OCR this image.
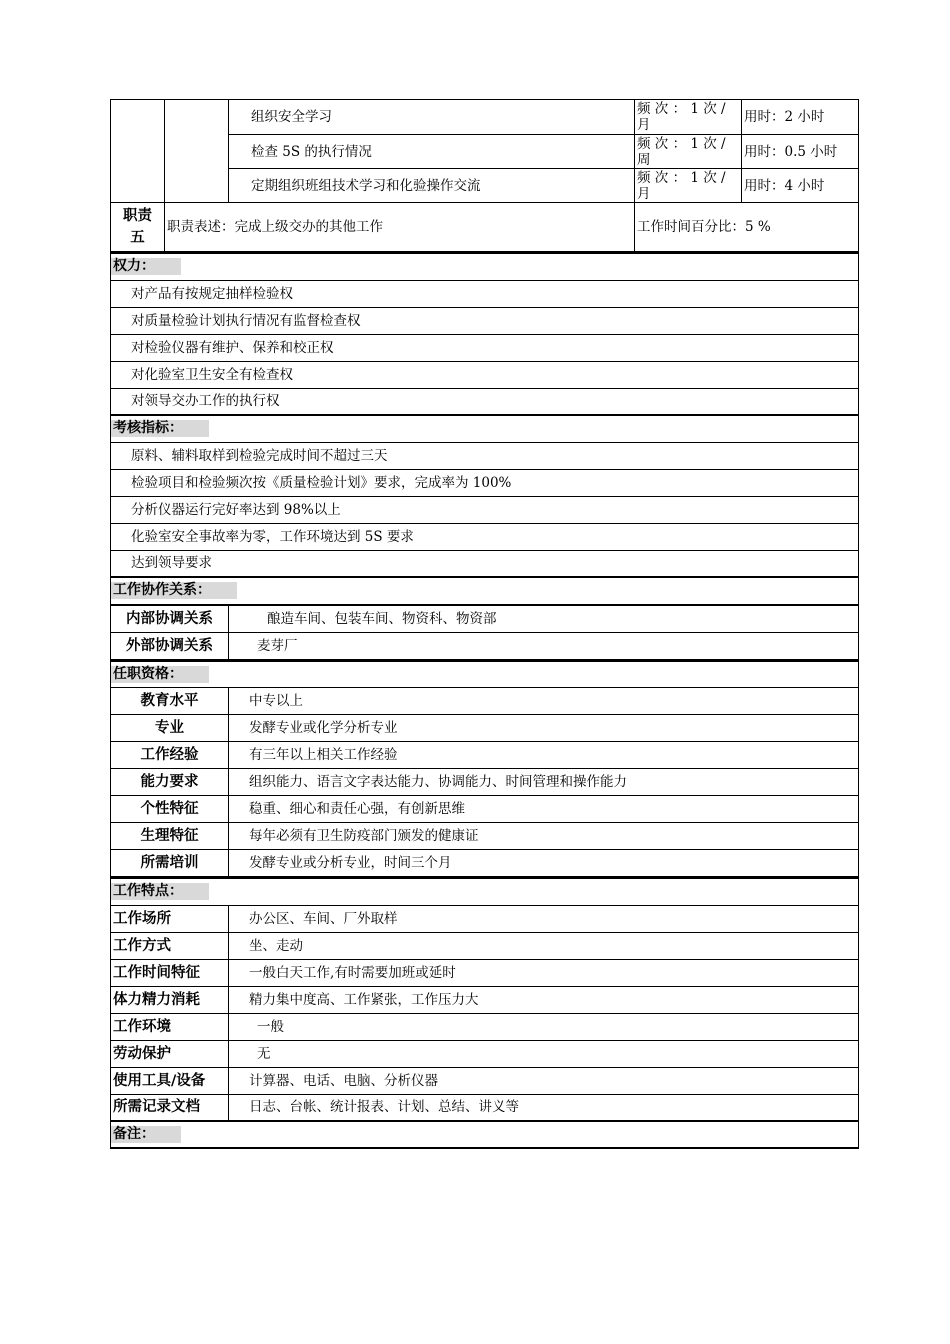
		组织安全学习	频 次 ： 1 次 / 月	用时：2 小时
		检查 5S 的执行情况	频 次 ： 1 次 / 周	用时：0.5 小时
		定期组织班组技术学习和化验操作交流	频 次 ： 1 次 / 月	用时：4 小时
职责五	职责表述：完成上级交办的其他工作		工作时间百分比：5 %	
权力：
对产品有按规定抽样检验权
对质量检验计划执行情况有监督检查权
对检验仪器有维护、保养和校正权
对化验室卫生安全有检查权
对领导交办工作的执行权
考核指标：
原料、辅料取样到检验完成时间不超过三天
检验项目和检验频次按《质量检验计划》要求，完成率为 100%
分析仪器运行完好率达到 98%以上
化验室安全事故率为零，工作环境达到 5S 要求
达到领导要求
工作协作关系：
内部协调关系	酿造车间、包装车间、物资科、物资部
外部协调关系	麦芽厂
任职资格：	
教育水平	中专以上
专业	发酵专业或化学分析专业
工作经验	有三年以上相关工作经验
能力要求	组织能力、语言文字表达能力、协调能力、时间管理和操作能力
个性特征	稳重、细心和责任心强，有创新思维
生理特征	每年必须有卫生防疫部门颁发的健康证
所需培训	发酵专业或分析专业，时间三个月
工作特点：	
工作场所	办公区、车间、厂外取样
工作方式	坐、走动
工作时间特征	一般白天工作,有时需要加班或延时
体力精力消耗	精力集中度高、工作紧张，工作压力大
工作环境	一般
劳动保护	无
使用工具/设备	计算器、电话、电脑、分析仪器
所需记录文档	日志、台帐、统计报表、计划、总结、讲义等
备注：	
